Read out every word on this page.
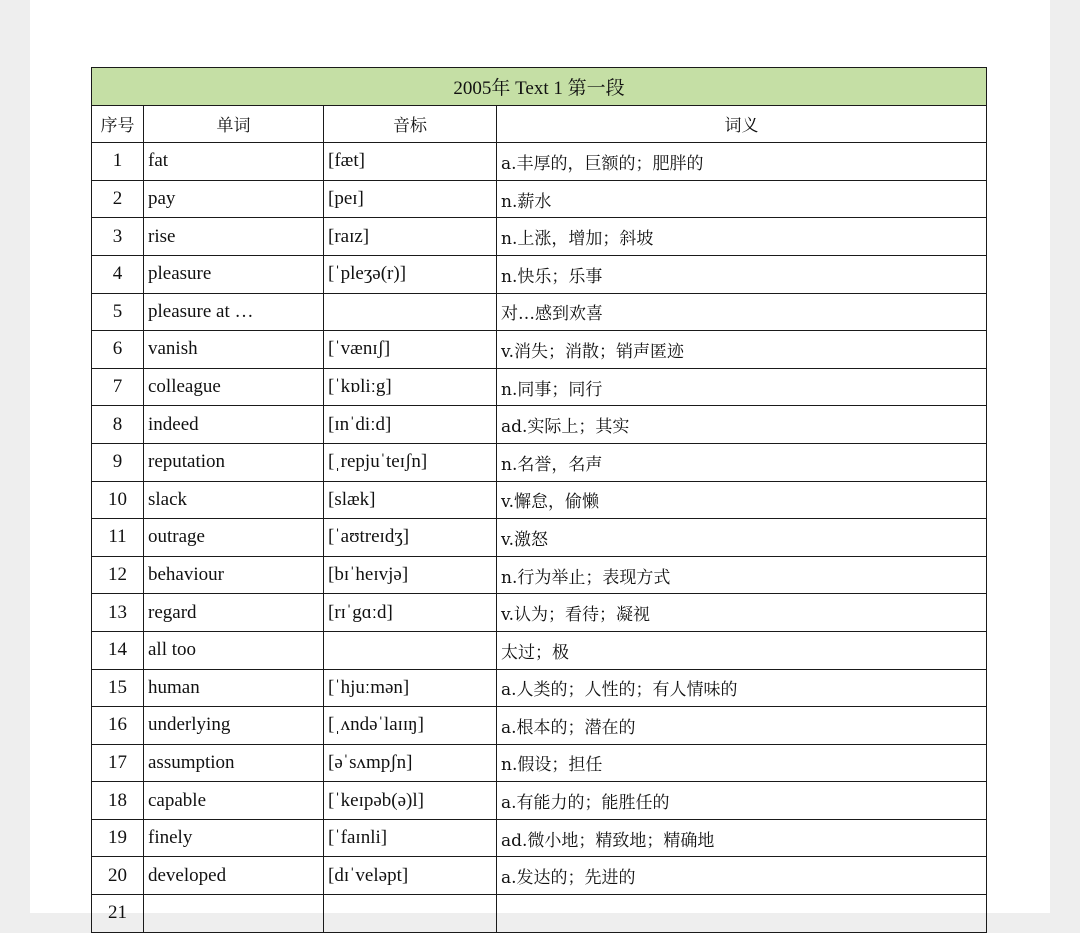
2005年 Text 1 第一段			
序号	单词	音标	词义
1	fat	[fæt]	a.丰厚的，巨额的；肥胖的
2	pay	[peɪ]	n.薪水
3	rise	[raɪz]	n.上涨，增加；斜坡
4	pleasure	[ˈpleʒə(r)]	n.快乐；乐事
5	pleasure at …		对…感到欢喜
6	vanish	[ˈvænɪʃ]	v.消失；消散；销声匿迹
7	colleague	[ˈkɒliːg]	n.同事；同行
8	indeed	[ɪnˈdiːd]	ad.实际上；其实
9	reputation	[ˌrepjuˈteɪʃn]	n.名誉，名声
10	slack	[slæk]	v.懈怠，偷懒
11	outrage	[ˈaʊtreɪdʒ]	v.激怒
12	behaviour	[bɪˈheɪvjə]	n.行为举止；表现方式
13	regard	[rɪˈgɑːd]	v.认为；看待；凝视
14	all too		太过；极
15	human	[ˈhjuːmən]	a.人类的；人性的；有人情味的
16	underlying	[ˌʌndəˈlaɪɪŋ]	a.根本的；潜在的
17	assumption	[əˈsʌmpʃn]	n.假设；担任
18	capable	[ˈkeɪpəb(ə)l]	a.有能力的；能胜任的
19	finely	[ˈfaɪnli]	ad.微小地；精致地；精确地
20	developed	[dɪˈveləpt]	a.发达的；先进的
21			
